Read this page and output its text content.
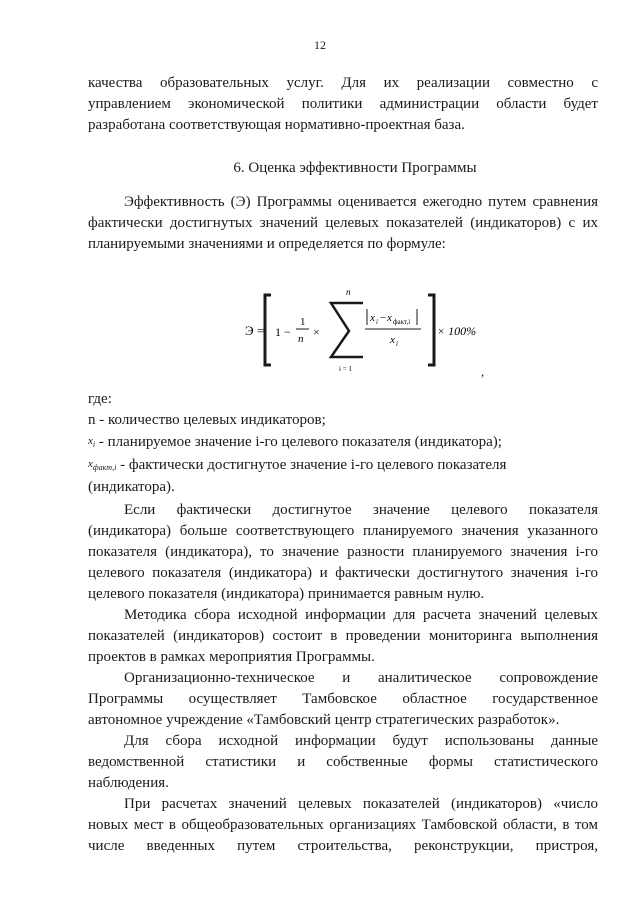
12
качества образовательных услуг. Для их реализации совместно с
управлением экономической политики администрации области будет
разработана соответствующая нормативно-проектная база.
6. Оценка эффективности Программы
Эффективность (Э) Программы оценивается ежегодно путем сравнения
фактически достигнутых значений целевых показателей (индикаторов) с их
планируемыми значениями и определяется по формуле:
Э = 1 −
1
n ×
n
i = 1
x i − x факт,i
x i
× 100%
,
где:
n - количество целевых индикаторов;
$x_i$ - планируемое значение i-го целевого показателя (индикатора);
$x_{факт,i}$ - фактически достигнутое значение i-го целевого показателя
(индикатора).
Если фактически достигнутое значение целевого показателя
(индикатора) больше соответствующего планируемого значения указанного
показателя (индикатора), то значение разности планируемого значения i-го
целевого показателя (индикатора) и фактически достигнутого значения i-го
целевого показателя (индикатора) принимается равным нулю.
Методика сбора исходной информации для расчета значений целевых
показателей (индикаторов) состоит в проведении мониторинга выполнения
проектов в рамках мероприятия Программы.
Организационно-техническое и аналитическое сопровождение
Программы осуществляет Тамбовское областное государственное
автономное учреждение «Тамбовский центр стратегических разработок».
Для сбора исходной информации будут использованы данные
ведомственной статистики и собственные формы статистического
наблюдения.
При расчетах значений целевых показателей (индикаторов) «число
новых мест в общеобразовательных организациях Тамбовской области, в том
числе введенных путем строительства, реконструкции, пристроя,
